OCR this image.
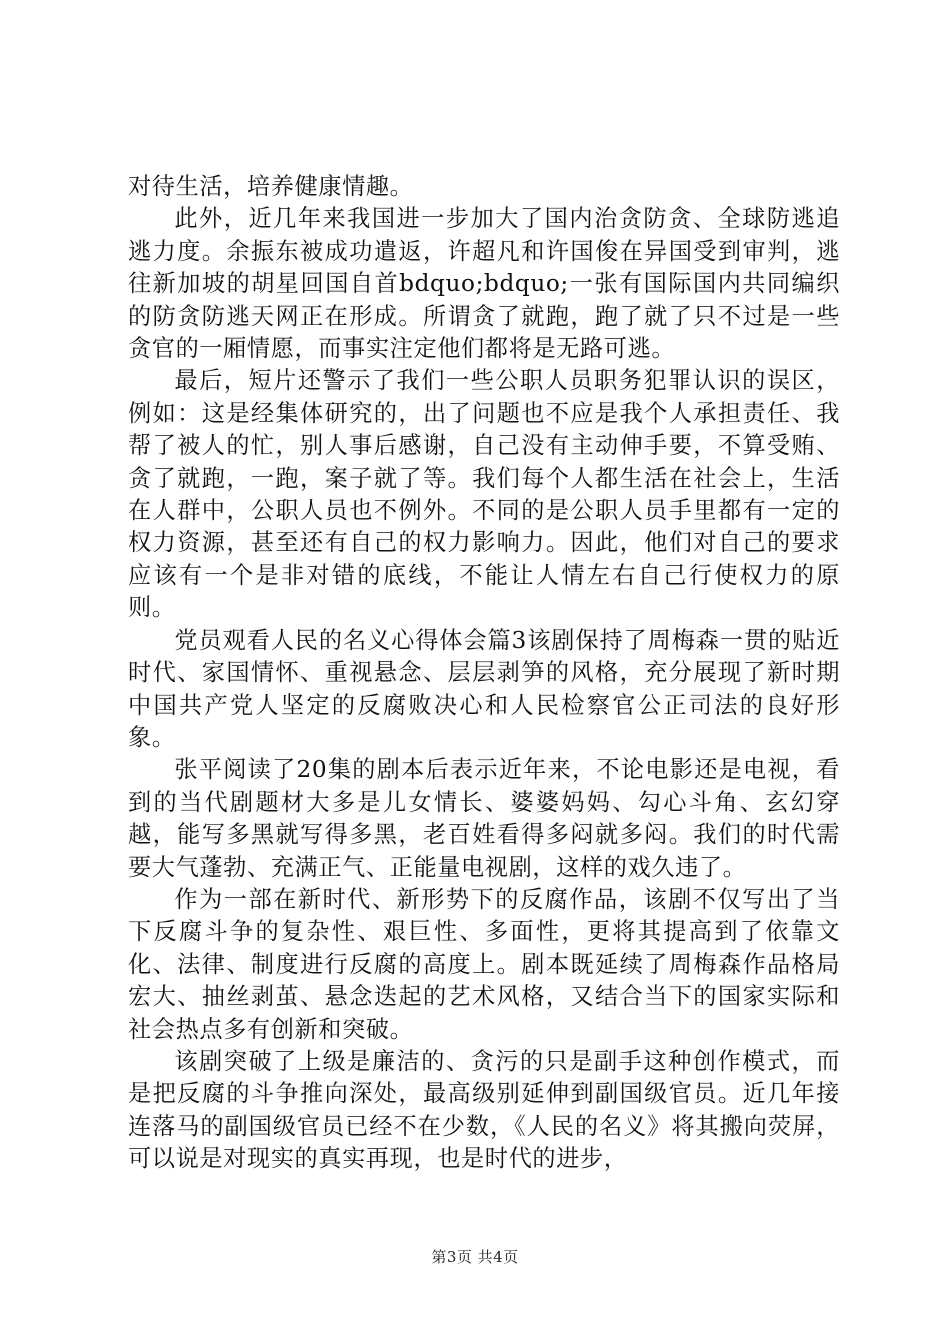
对待生活，培养健康情趣。

此外，近几年来我国进一步加大了国内治贪防贪、全球防逃追逃力度。余振东被成功遣返，许超凡和许国俊在异国受到审判，逃往新加坡的胡星回国自首bdquo;bdquo;一张有国际国内共同编织的防贪防逃天网正在形成。所谓贪了就跑，跑了就了只不过是一些贪官的一厢情愿，而事实注定他们都将是无路可逃。

最后，短片还警示了我们一些公职人员职务犯罪认识的误区，例如：这是经集体研究的，出了问题也不应是我个人承担责任、我帮了被人的忙，别人事后感谢，自己没有主动伸手要，不算受贿、贪了就跑，一跑，案子就了等。我们每个人都生活在社会上，生活在人群中，公职人员也不例外。不同的是公职人员手里都有一定的权力资源，甚至还有自己的权力影响力。因此，他们对自己的要求应该有一个是非对错的底线，不能让人情左右自己行使权力的原则。

党员观看人民的名义心得体会篇3该剧保持了周梅森一贯的贴近时代、家国情怀、重视悬念、层层剥笋的风格，充分展现了新时期中国共产党人坚定的反腐败决心和人民检察官公正司法的良好形象。

张平阅读了20集的剧本后表示近年来，不论电影还是电视，看到的当代剧题材大多是儿女情长、婆婆妈妈、勾心斗角、玄幻穿越，能写多黑就写得多黑，老百姓看得多闷就多闷。我们的时代需要大气蓬勃、充满正气、正能量电视剧，这样的戏久违了。

作为一部在新时代、新形势下的反腐作品，该剧不仅写出了当下反腐斗争的复杂性、艰巨性、多面性，更将其提高到了依靠文化、法律、制度进行反腐的高度上。剧本既延续了周梅森作品格局宏大、抽丝剥茧、悬念迭起的艺术风格，又结合当下的国家实际和社会热点多有创新和突破。

该剧突破了上级是廉洁的、贪污的只是副手这种创作模式，而是把反腐的斗争推向深处，最高级别延伸到副国级官员。近几年接连落马的副国级官员已经不在少数，《人民的名义》将其搬向荧屏，可以说是对现实的真实再现，也是时代的进步，

第3页 共4页
